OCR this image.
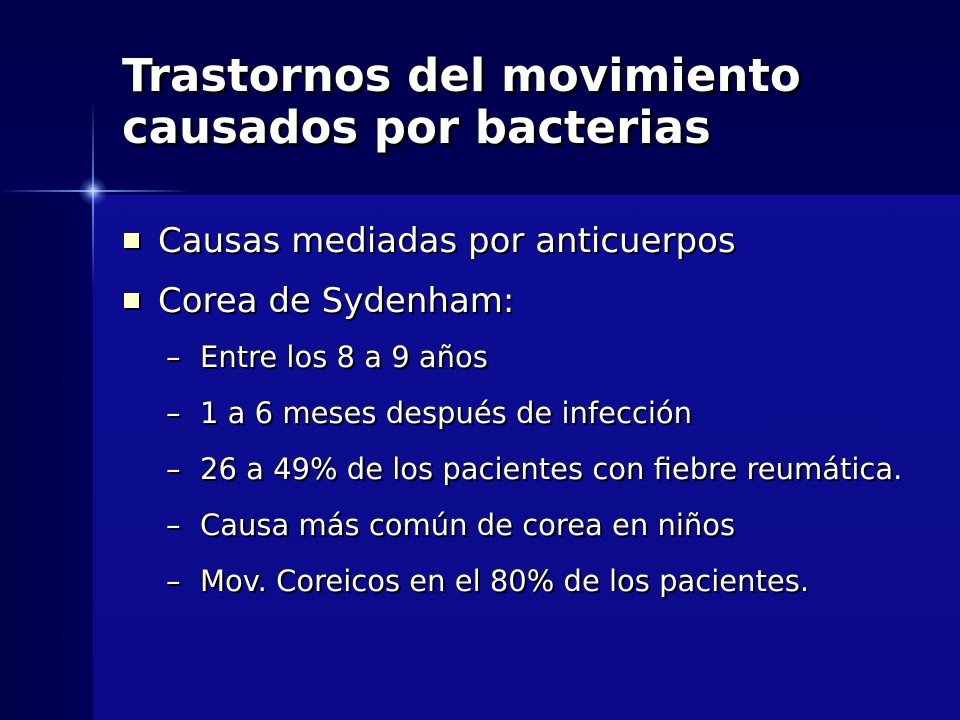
Trastornos del movimiento
causados por bacterias
Causas mediadas por anticuerpos
Corea de Sydenham:
– Entre los 8 a 9 años
– 1 a 6 meses después de infección
– 26 a 49% de los pacientes con fiebre reumática.
– Causa más común de corea en niños
– Mov. Coreicos en el 80% de los pacientes.
